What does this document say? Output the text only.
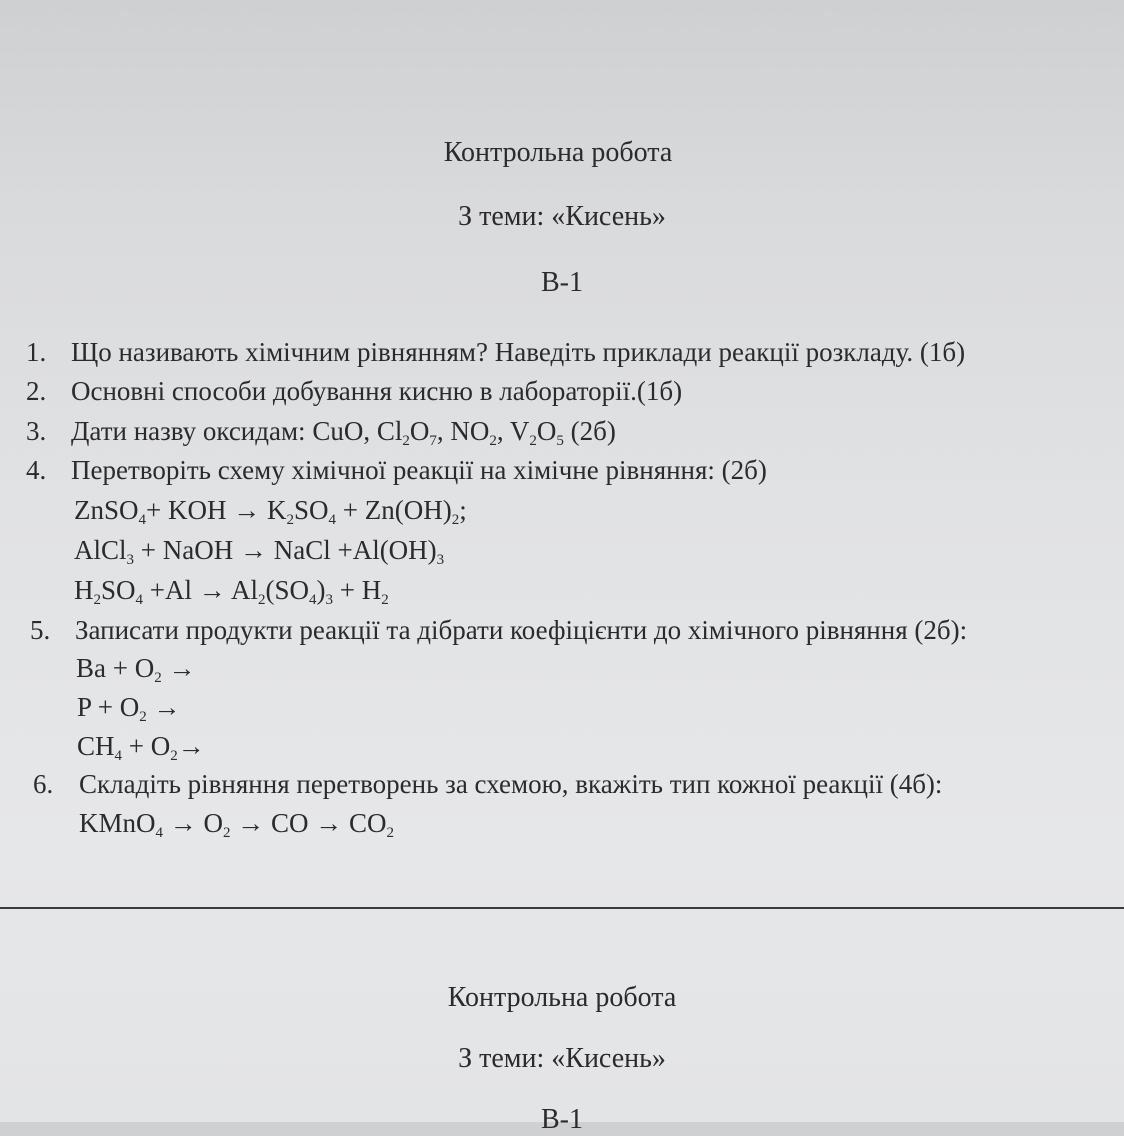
Контрольна робота
З теми: «Кисень»
В-1
1. Що називають хімічним рівнянням? Наведіть приклади реакції розкладу. (1б)
2. Основні способи добування кисню в лабораторії.(1б)
3. Дати назву оксидам: CuO, $Cl_2O_7$, $NO_2$, $V_2O_5$ (2б)
4. Перетворіть схему хімічної реакції на хімічне рівняння: (2б)
ZnSO$_4$+ KOH → $K_2SO_4 + Zn(OH)_2$;
AlCl$_3$ + NaOH → NaCl $+Al(OH)_3$
$H_2SO_4 +Al \to Al_2(SO_4)_3 + H_2$
5. Записати продукти реакції та дібрати коефіцієнти до хімічного рівняння (2б):
$Ba + O_2$ →
$P + O_2$ →
$CH_4 + O_2\to$
6. Складіть рівняння перетворень за схемою, вкажіть тип кожної реакції (4б):
KMnO$_4$ → $O_2$ → CO → $CO_2$
Контрольна робота
З теми: «Кисень»
В-1
